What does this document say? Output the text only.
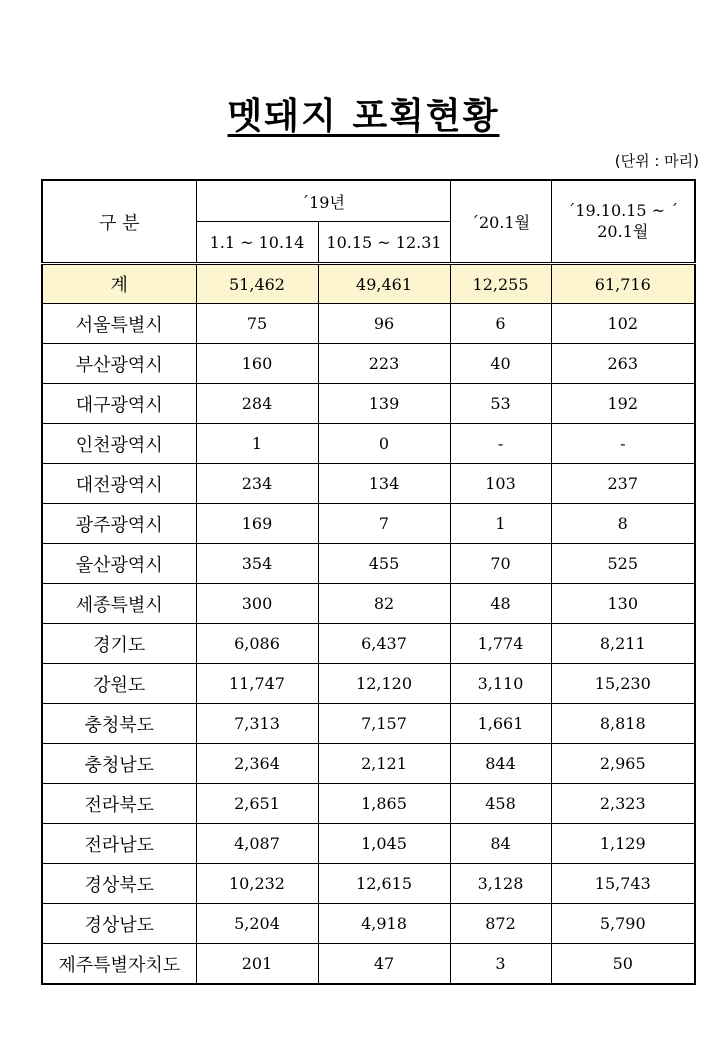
멧돼지 포획현황
(단위 : 마리)
구 분	´19년		´20.1월	´19.10.15 ~ ´ 20.1월
	1.1 ~ 10.14	10.15 ~ 12.31		
계	51,462	49,461	12,255	61,716
서울특별시	75	96	6	102
부산광역시	160	223	40	263
대구광역시	284	139	53	192
인천광역시	1	0	-	-
대전광역시	234	134	103	237
광주광역시	169	7	1	8
울산광역시	354	455	70	525
세종특별시	300	82	48	130
경기도	6,086	6,437	1,774	8,211
강원도	11,747	12,120	3,110	15,230
충청북도	7,313	7,157	1,661	8,818
충청남도	2,364	2,121	844	2,965
전라북도	2,651	1,865	458	2,323
전라남도	4,087	1,045	84	1,129
경상북도	10,232	12,615	3,128	15,743
경상남도	5,204	4,918	872	5,790
제주특별자치도	201	47	3	50
